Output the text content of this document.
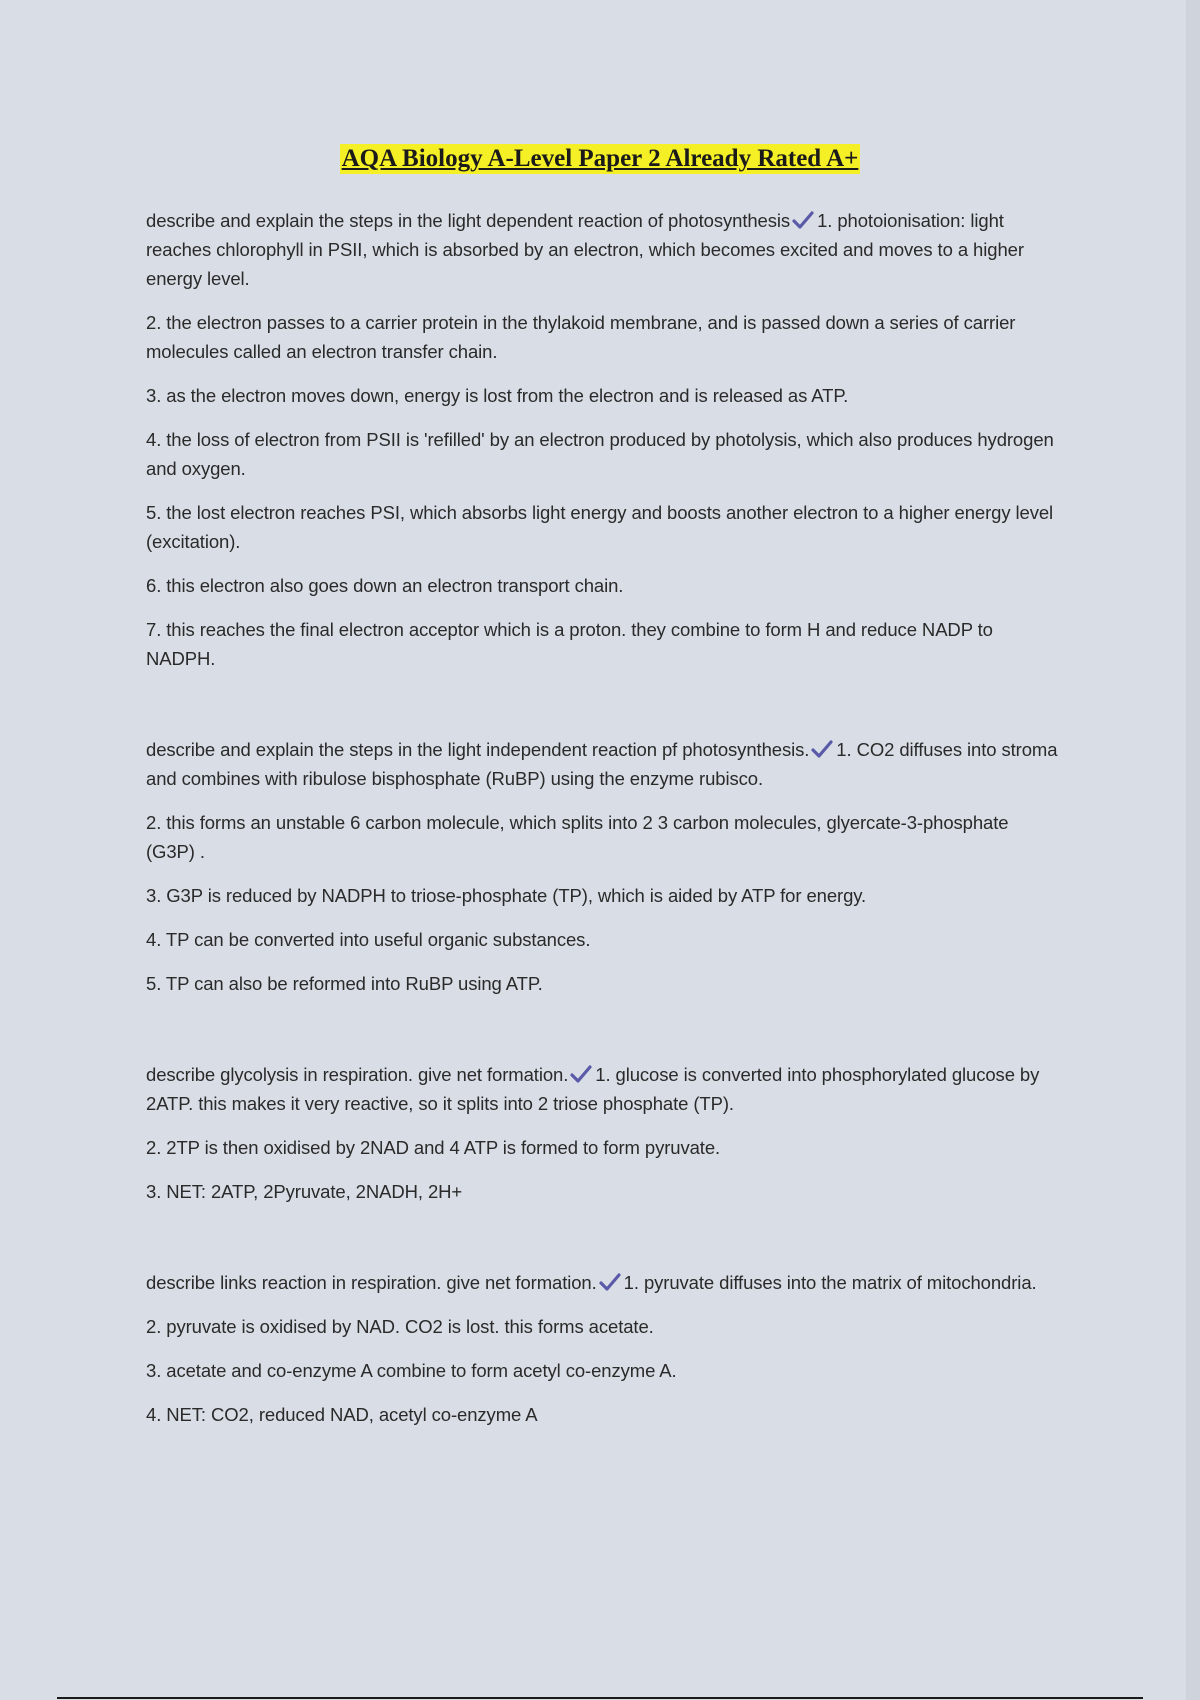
AQA Biology A-Level Paper 2 Already Rated A+

describe and explain the steps in the light dependent reaction of photosynthesis 1. photoionisation: light reaches chlorophyll in PSII, which is absorbed by an electron, which becomes excited and moves to a higher energy level.

2. the electron passes to a carrier protein in the thylakoid membrane, and is passed down a series of carrier molecules called an electron transfer chain.

3. as the electron moves down, energy is lost from the electron and is released as ATP.

4. the loss of electron from PSII is 'refilled' by an electron produced by photolysis, which also produces hydrogen and oxygen.

5. the lost electron reaches PSI, which absorbs light energy and boosts another electron to a higher energy level (excitation).

6. this electron also goes down an electron transport chain.

7. this reaches the final electron acceptor which is a proton. they combine to form H and reduce NADP to NADPH.

describe and explain the steps in the light independent reaction pf photosynthesis. 1. CO2 diffuses into stroma and combines with ribulose bisphosphate (RuBP) using the enzyme rubisco.

2. this forms an unstable 6 carbon molecule, which splits into 2 3 carbon molecules, glyercate-3-phosphate (G3P) .

3. G3P is reduced by NADPH to triose-phosphate (TP), which is aided by ATP for energy.

4. TP can be converted into useful organic substances.

5. TP can also be reformed into RuBP using ATP.

describe glycolysis in respiration. give net formation. 1. glucose is converted into phosphorylated glucose by 2ATP. this makes it very reactive, so it splits into 2 triose phosphate (TP).

2. 2TP is then oxidised by 2NAD and 4 ATP is formed to form pyruvate.

3. NET: 2ATP, 2Pyruvate, 2NADH, 2H+

describe links reaction in respiration. give net formation. 1. pyruvate diffuses into the matrix of mitochondria.

2. pyruvate is oxidised by NAD. CO2 is lost. this forms acetate.

3. acetate and co-enzyme A combine to form acetyl co-enzyme A.

4. NET: CO2, reduced NAD, acetyl co-enzyme A
